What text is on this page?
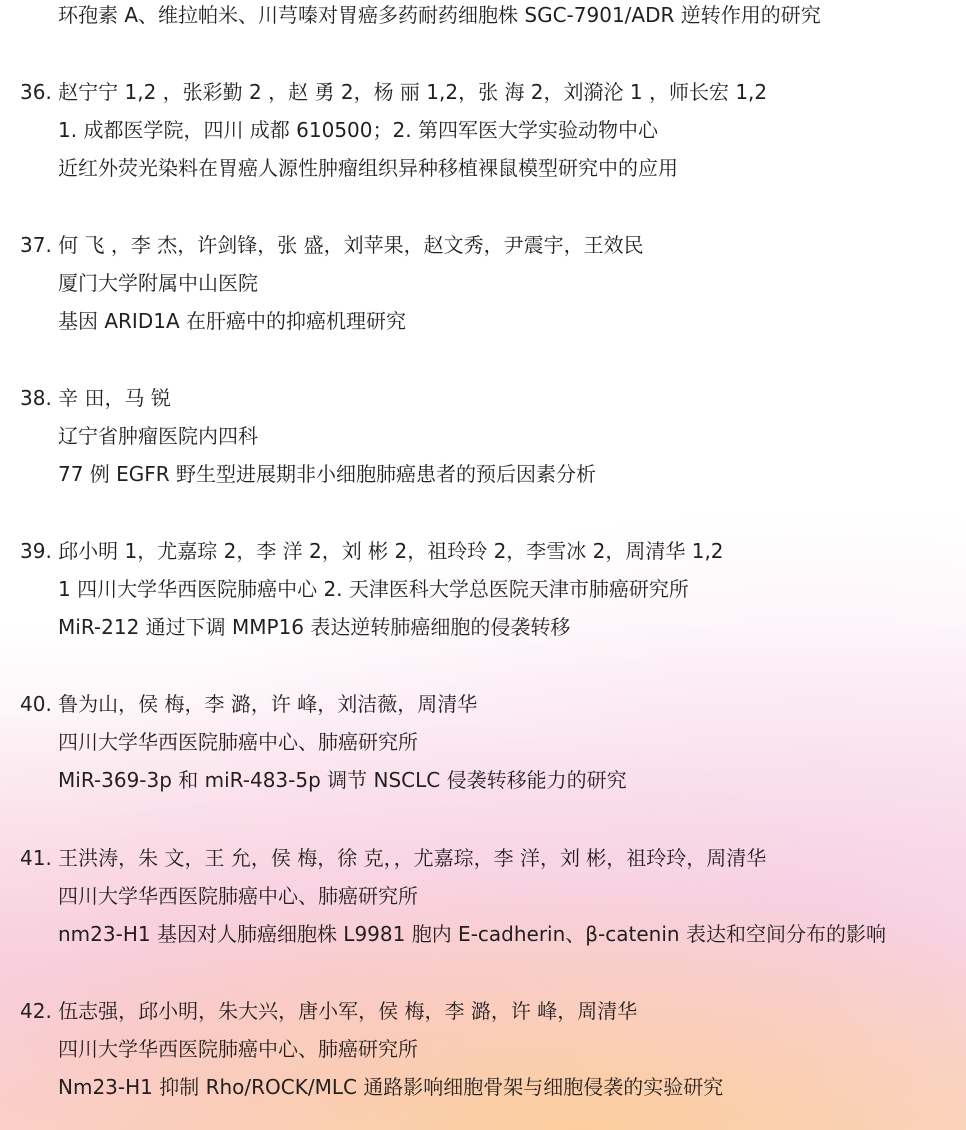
环孢素 A、维拉帕米、川芎嗪对胃癌多药耐药细胞株 SGC-7901/ADR 逆转作用的研究
36. 赵宁宁 1,2 ，张彩勤 2 ，赵 勇 2，杨 丽 1,2，张 海 2，刘漪沦 1 ，师长宏 1,2
1. 成都医学院，四川 成都 610500；2. 第四军医大学实验动物中心
近红外荧光染料在胃癌人源性肿瘤组织异种移植裸鼠模型研究中的应用
37. 何 飞 ，李 杰，许剑锋，张 盛，刘苹果，赵文秀，尹震宇，王效民
厦门大学附属中山医院
基因 ARID1A 在肝癌中的抑癌机理研究
38. 辛 田，马 锐
辽宁省肿瘤医院内四科
77 例 EGFR 野生型进展期非小细胞肺癌患者的预后因素分析
39. 邱小明 1，尤嘉琮 2，李 洋 2，刘 彬 2，祖玲玲 2，李雪冰 2，周清华 1,2
1 四川大学华西医院肺癌中心 2. 天津医科大学总医院天津市肺癌研究所
MiR-212 通过下调 MMP16 表达逆转肺癌细胞的侵袭转移
40. 鲁为山，侯 梅，李 潞，许 峰，刘洁薇，周清华
四川大学华西医院肺癌中心、肺癌研究所
MiR-369-3p 和 miR-483-5p 调节 NSCLC 侵袭转移能力的研究
41. 王洪涛，朱 文，王 允，侯 梅，徐 克，，尤嘉琮，李 洋，刘 彬，祖玲玲，周清华
四川大学华西医院肺癌中心、肺癌研究所
nm23-H1 基因对人肺癌细胞株 L9981 胞内 E-cadherin、β-catenin 表达和空间分布的影响
42. 伍志强，邱小明，朱大兴，唐小军，侯 梅，李 潞，许 峰，周清华
四川大学华西医院肺癌中心、肺癌研究所
Nm23-H1 抑制 Rho/ROCK/MLC 通路影响细胞骨架与细胞侵袭的实验研究
